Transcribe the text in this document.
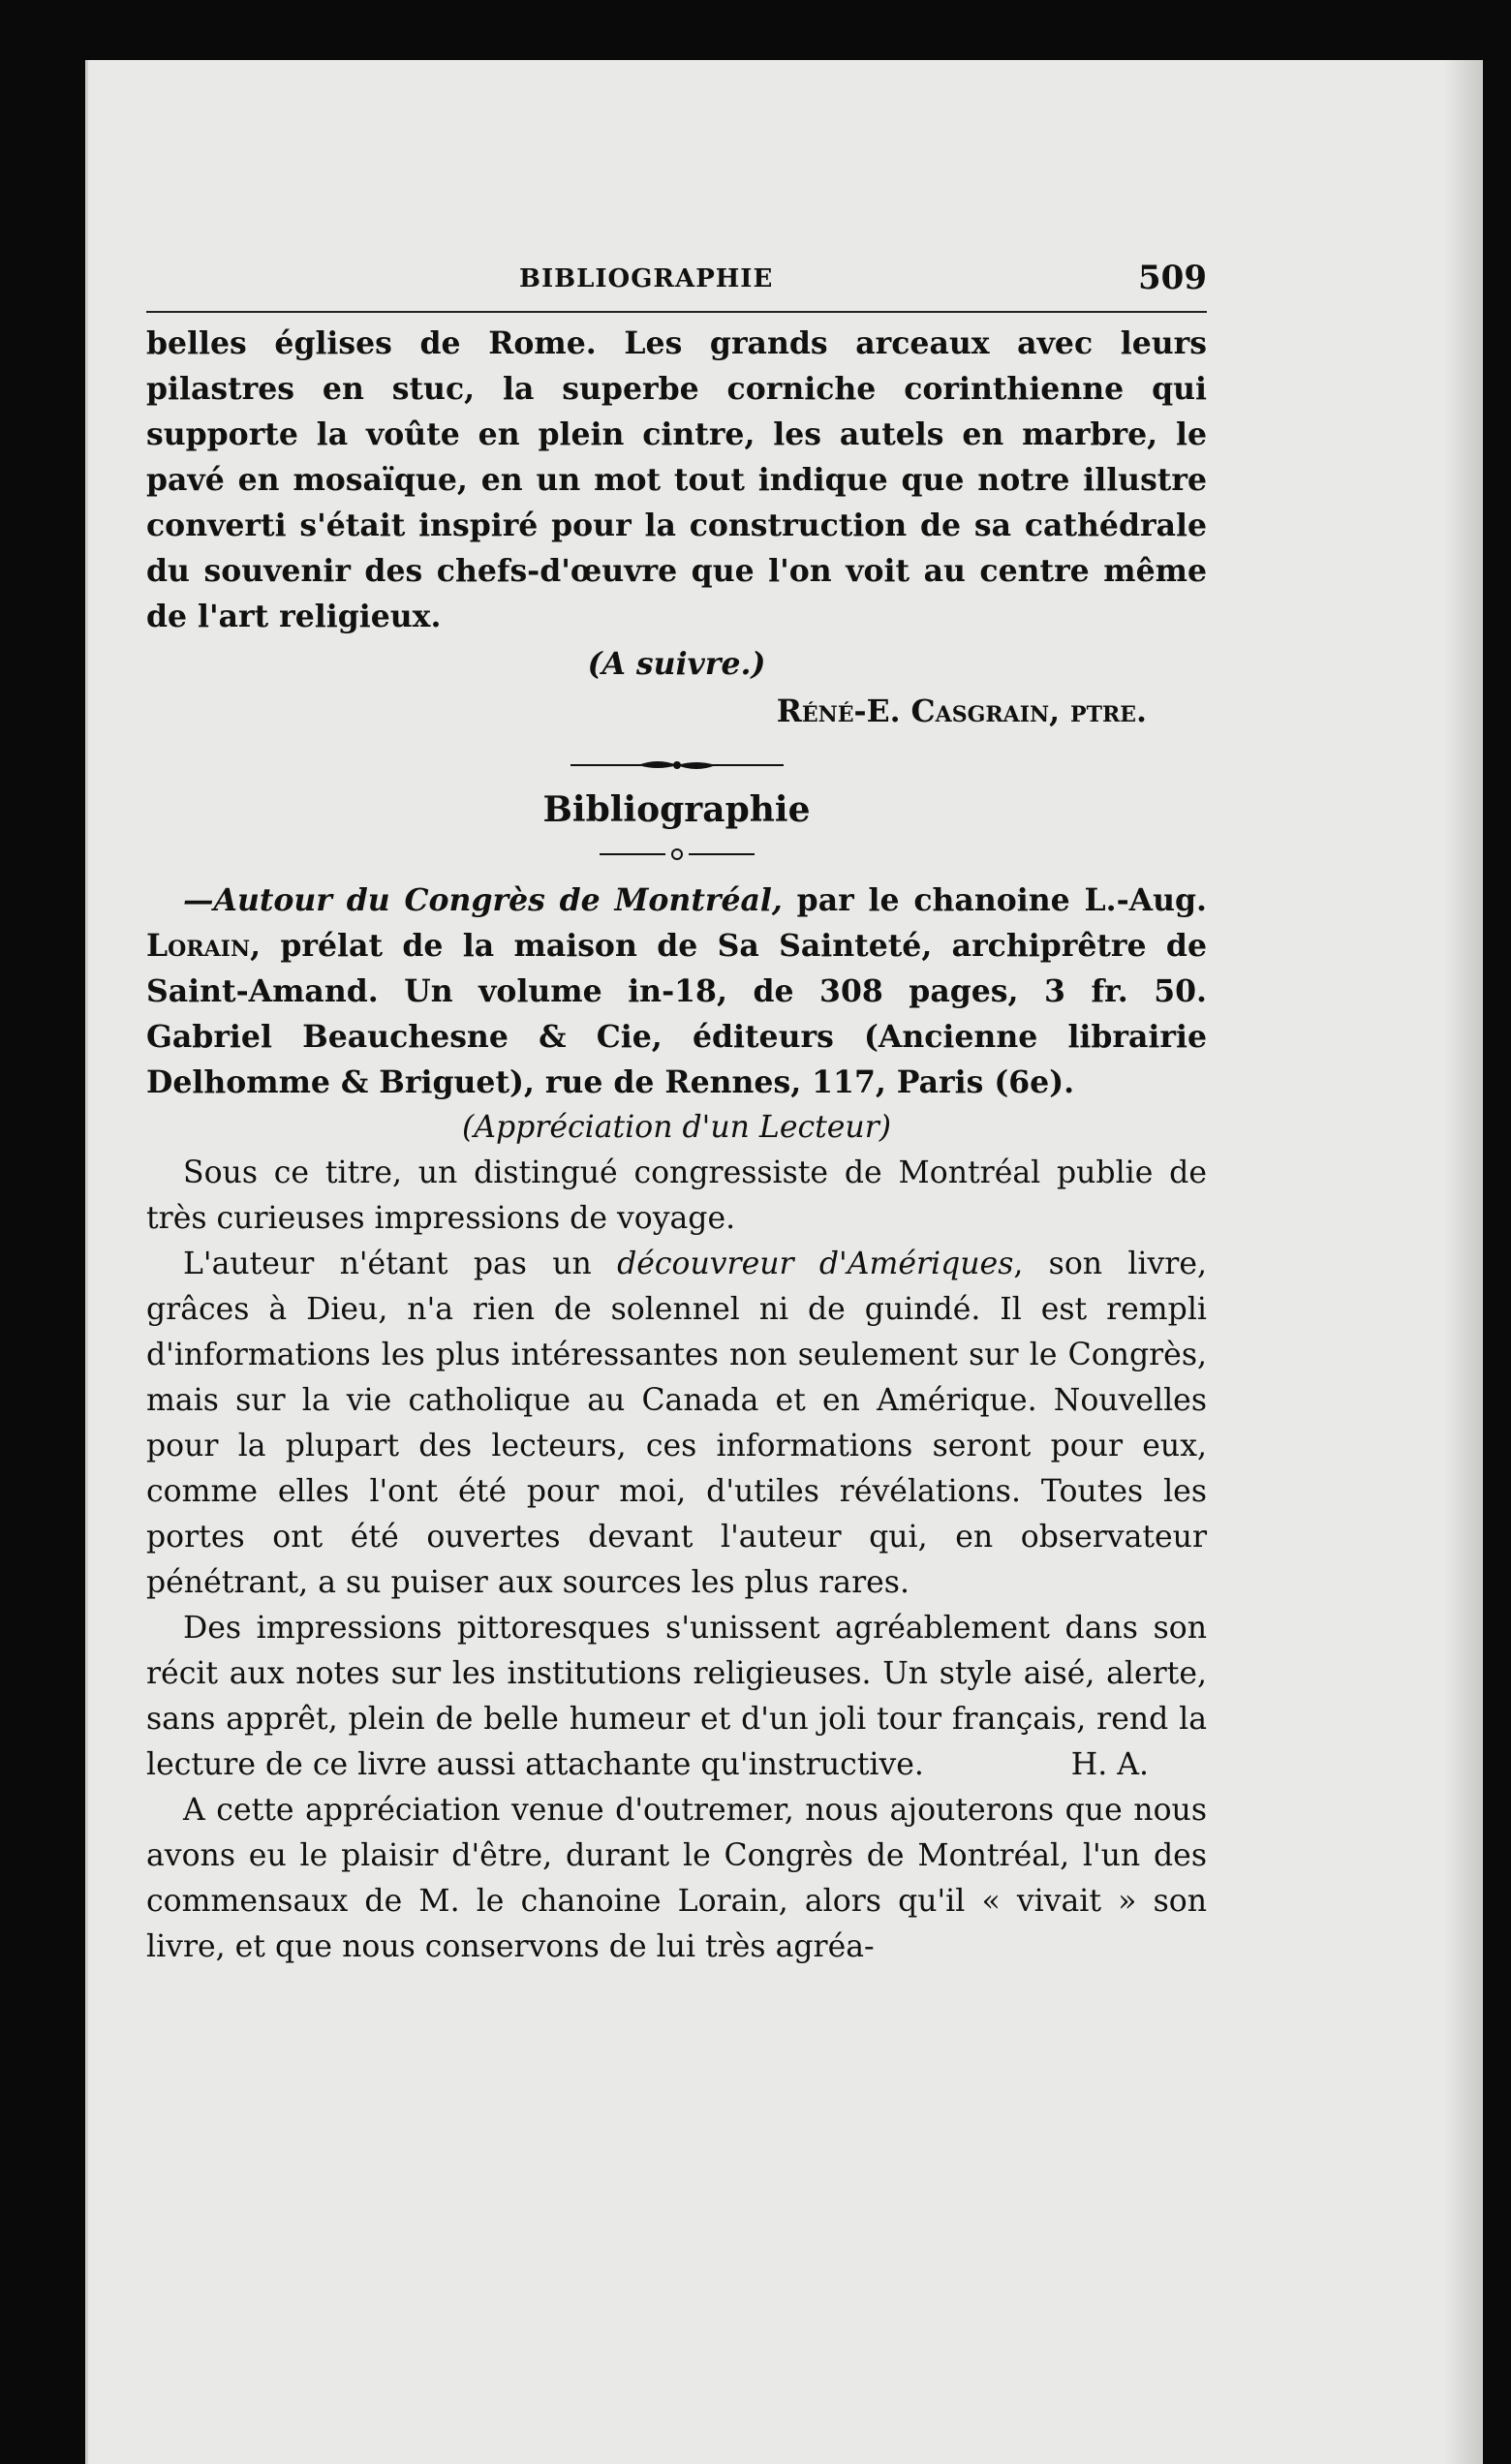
BIBLIOGRAPHIE	509

belles églises de Rome. Les grands arceaux avec leurs pilastres en stuc, la superbe corniche corinthienne qui supporte la voûte en plein cintre, les autels en marbre, le pavé en mosaïque, en un mot tout indique que notre illustre converti s'était inspiré pour la construction de sa cathédrale du souvenir des chefs-d'œuvre que l'on voit au centre même de l'art religieux.

(A suivre.)

Réné-E. Casgrain, ptre.

Bibliographie

—Autour du Congrès de Montréal, par le chanoine L.-Aug. Lorain, prélat de la maison de Sa Sainteté, archiprêtre de Saint-Amand. Un volume in-18, de 308 pages, 3 fr. 50. Gabriel Beauchesne & Cie, éditeurs (Ancienne librairie Delhomme & Briguet), rue de Rennes, 117, Paris (6e).

(Appréciation d'un Lecteur)

Sous ce titre, un distingué congressiste de Montréal publie de très curieuses impressions de voyage.

L'auteur n'étant pas un découvreur d'Amériques, son livre, grâces à Dieu, n'a rien de solennel ni de guindé. Il est rempli d'informations les plus intéressantes non seulement sur le Congrès, mais sur la vie catholique au Canada et en Amérique. Nouvelles pour la plupart des lecteurs, ces informations seront pour eux, comme elles l'ont été pour moi, d'utiles révélations. Toutes les portes ont été ouvertes devant l'auteur qui, en observateur pénétrant, a su puiser aux sources les plus rares.

Des impressions pittoresques s'unissent agréablement dans son récit aux notes sur les institutions religieuses. Un style aisé, alerte, sans apprêt, plein de belle humeur et d'un joli tour français, rend la lecture de ce livre aussi attachante qu'instructive.	H. A.

A cette appréciation venue d'outremer, nous ajouterons que nous avons eu le plaisir d'être, durant le Congrès de Montréal, l'un des commensaux de M. le chanoine Lorain, alors qu'il « vivait » son livre, et que nous conservons de lui très agréa-
